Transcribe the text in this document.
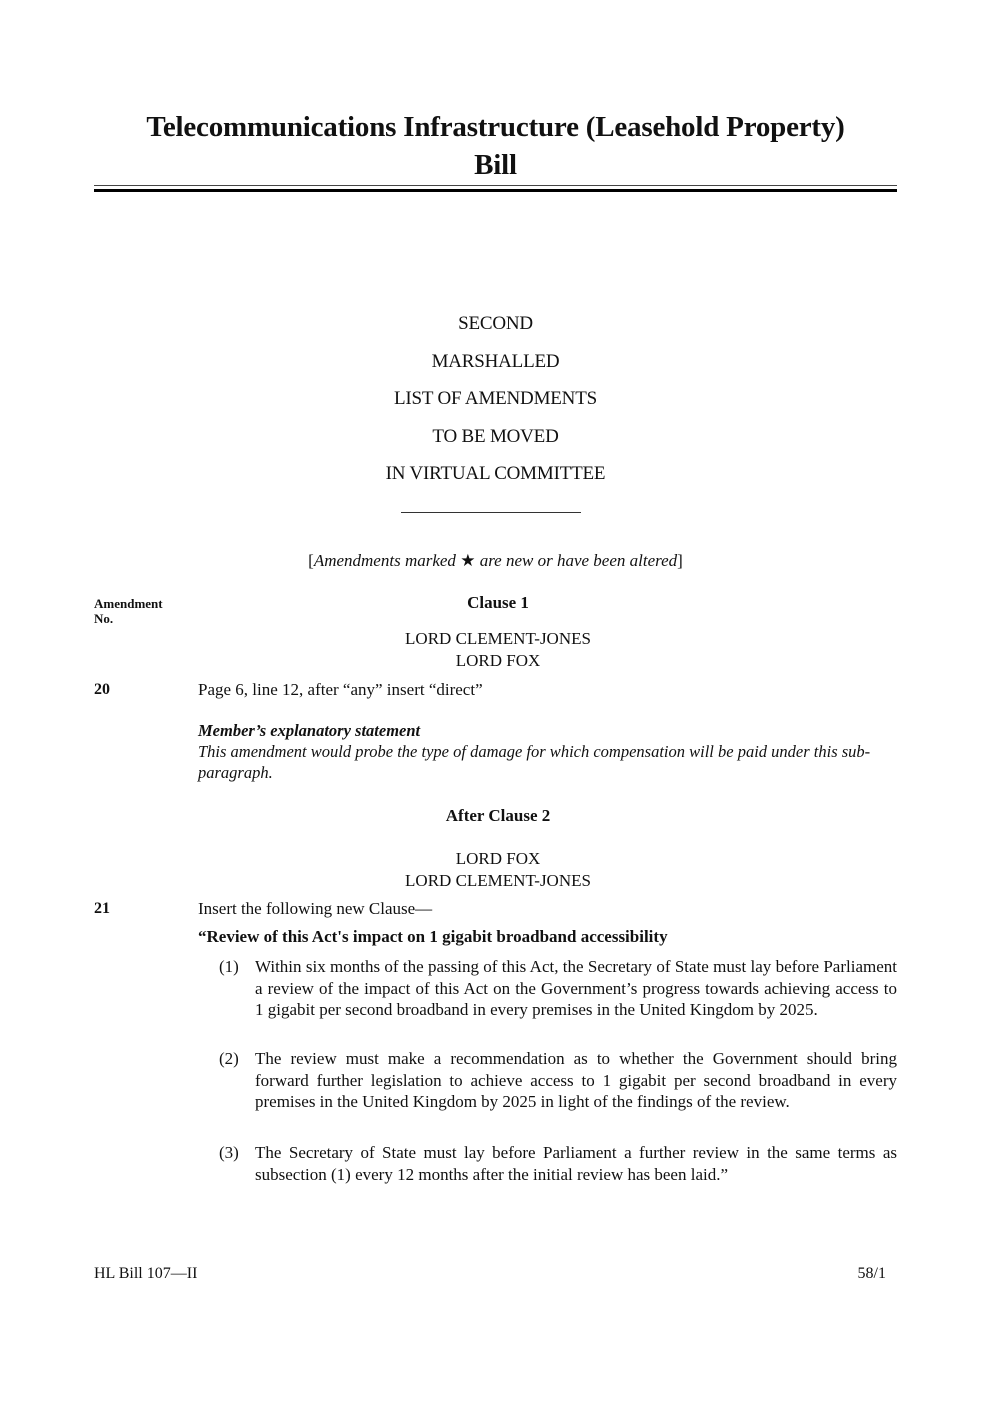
Telecommunications Infrastructure (Leasehold Property)
Bill
SECOND
MARSHALLED
LIST OF AMENDMENTS
TO BE MOVED
IN VIRTUAL COMMITTEE
[Amendments marked ★ are new or have been altered]
Amendment
No.
Clause 1
LORD CLEMENT-JONES
LORD FOX
20	Page 6, line 12, after “any” insert “direct”
Member’s explanatory statement
This amendment would probe the type of damage for which compensation will be paid under this sub-paragraph.
After Clause 2
LORD FOX
LORD CLEMENT-JONES
21	Insert the following new Clause—
“Review of this Act's impact on 1 gigabit broadband accessibility
(1) Within six months of the passing of this Act, the Secretary of State must lay before Parliament a review of the impact of this Act on the Government’s progress towards achieving access to 1 gigabit per second broadband in every premises in the United Kingdom by 2025.
(2) The review must make a recommendation as to whether the Government should bring forward further legislation to achieve access to 1 gigabit per second broadband in every premises in the United Kingdom by 2025 in light of the findings of the review.
(3) The Secretary of State must lay before Parliament a further review in the same terms as subsection (1) every 12 months after the initial review has been laid.”
HL Bill 107—II	58/1
